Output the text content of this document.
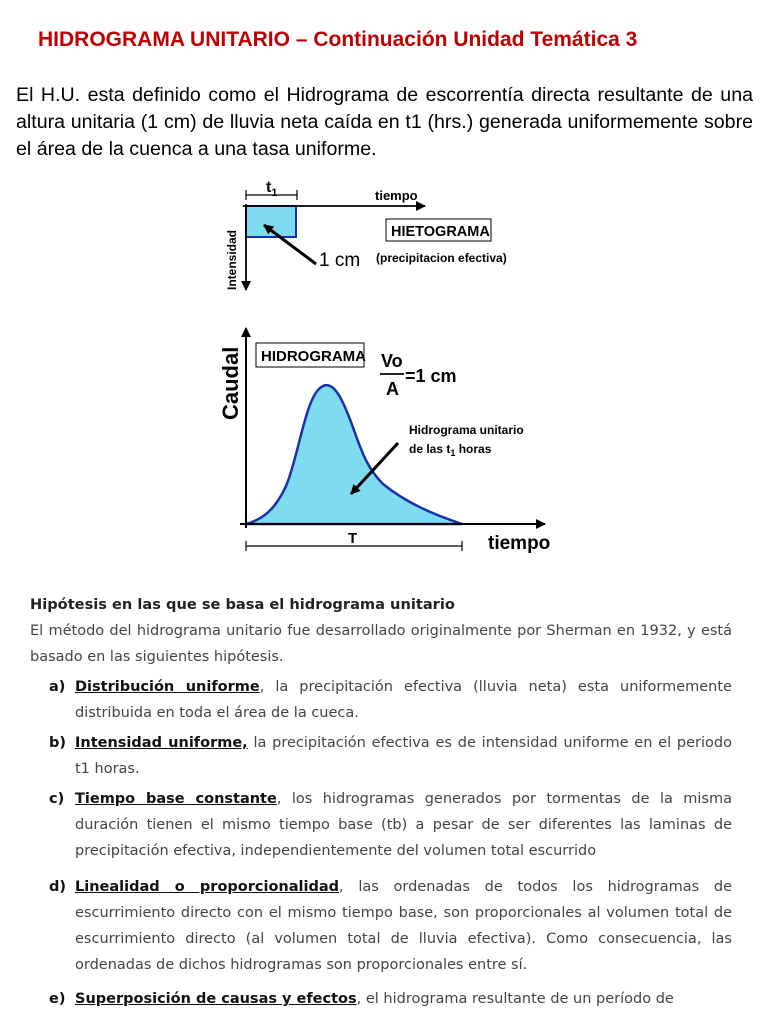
HIDROGRAMA UNITARIO – Continuación Unidad Temática 3
El H.U. esta definido como el Hidrograma de escorrentía directa resultante de una altura unitaria (1 cm) de lluvia neta caída en t1 (hrs.) generada uniformemente sobre el área de la cuenca a una tasa uniforme.
$t_1$	tiempo
Intensidad	HIETOGRAMA
1 cm (precipitacion efectiva)
Caudal
tiempo
HIDROGRAMA Vo
A
=1 cm
Hidrograma unitario
de las $t_1$ horas
T
Hipótesis en las que se basa el hidrograma unitario
El método del hidrograma unitario fue desarrollado originalmente por Sherman en 1932, y está basado en las siguientes hipótesis.
a) Distribución uniforme, la precipitación efectiva (lluvia neta) esta uniformemente distribuida en toda el área de la cueca.
b) Intensidad uniforme, la precipitación efectiva es de intensidad uniforme en el periodo t1 horas.
c) Tiempo base constante, los hidrogramas generados por tormentas de la misma duración tienen el mismo tiempo base (tb) a pesar de ser diferentes las laminas de precipitación efectiva, independientemente del volumen total escurrido
d) Linealidad o proporcionalidad, las ordenadas de todos los hidrogramas de escurrimiento directo con el mismo tiempo base, son proporcionales al volumen total de escurrimiento directo (al volumen total de lluvia efectiva). Como consecuencia, las ordenadas de dichos hidrogramas son proporcionales entre sí.
e) Superposición de causas y efectos, el hidrograma resultante de un período de
